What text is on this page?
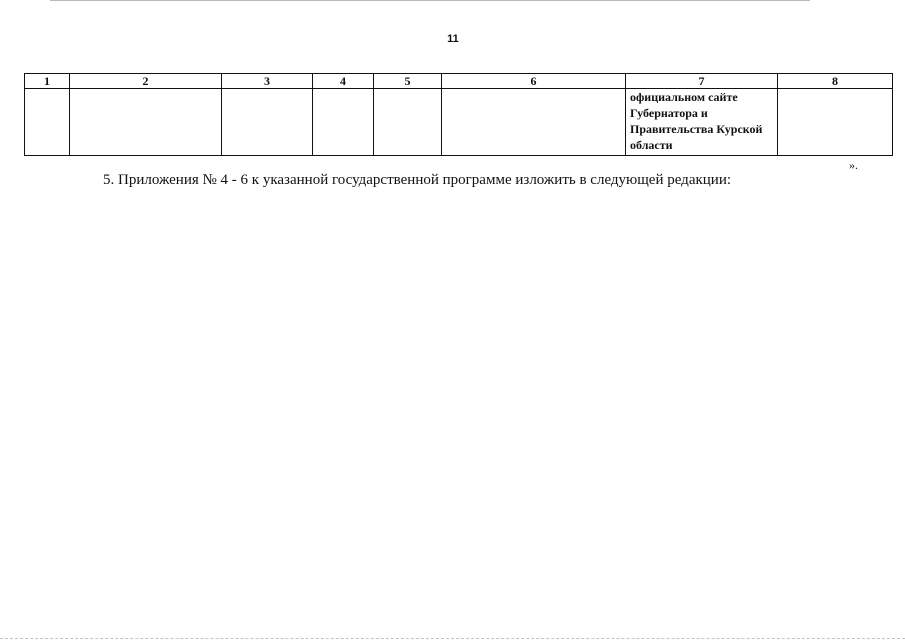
11
1	2	3	4	5	6	7	8
						официальном сайте Губернатора и Правительства Курской области	
».
5. Приложения № 4 - 6 к указанной государственной программе изложить в следующей редакции:
